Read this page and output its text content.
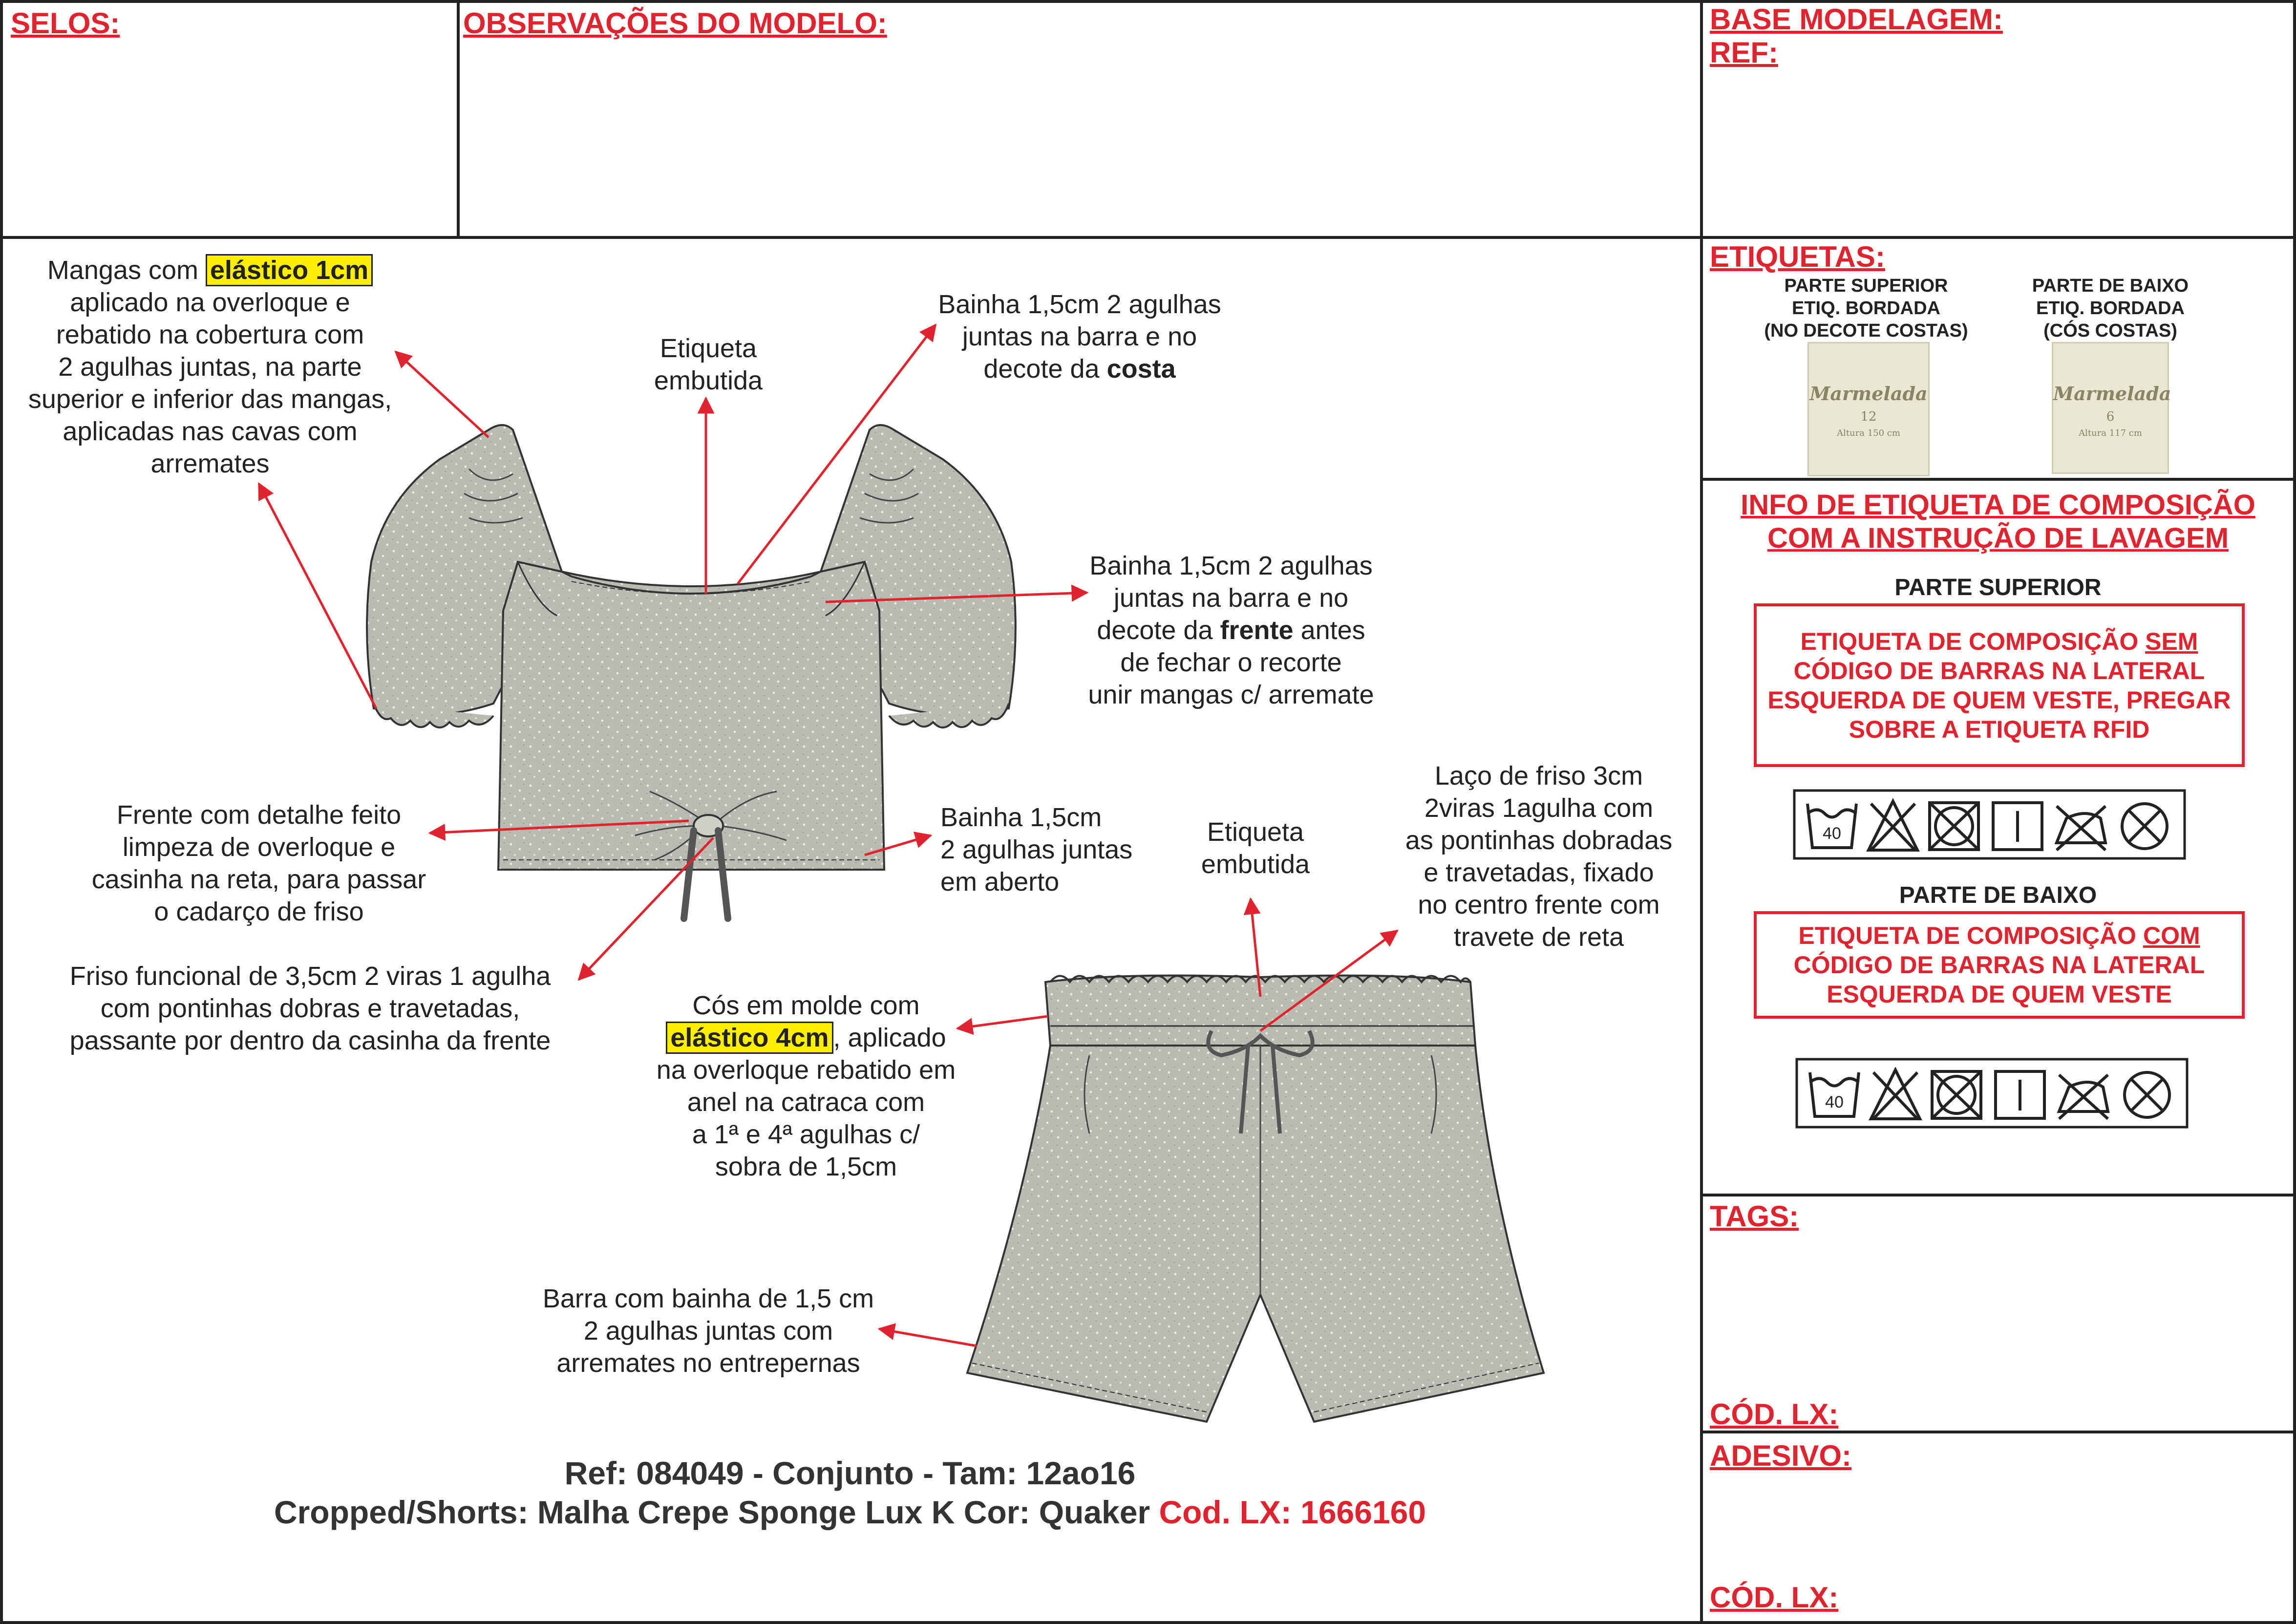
SELOS:	OBSERVAÇÕES DO MODELO:	BASE MODELAGEM:
REF:
ETIQUETAS:
TAGS:
CÓD. LX:
ADESIVO:
CÓD. LX:
PARTE SUPERIOR
ETIQ. BORDADA
(NO DECOTE COSTAS)
Marmelada
12
Altura 150 cm
PARTE DE BAIXO
ETIQ. BORDADA
(CÓS COSTAS)
Marmelada
6
Altura 117 cm
INFO DE ETIQUETA DE COMPOSIÇÃO
COM A INSTRUÇÃO DE LAVAGEM
PARTE SUPERIOR
ETIQUETA DE COMPOSIÇÃO SEM
CÓDIGO DE BARRAS NA LATERAL
ESQUERDA DE QUEM VESTE, PREGAR
SOBRE A ETIQUETA RFID
40
PARTE DE BAIXO
ETIQUETA DE COMPOSIÇÃO COM
CÓDIGO DE BARRAS NA LATERAL
ESQUERDA DE QUEM VESTE
40
Mangas com elástico 1cm
aplicado na overloque e
rebatido na cobertura com
2 agulhas juntas, na parte
superior e inferior das mangas,
aplicadas nas cavas com
arremates
Etiqueta
embutida
Bainha 1,5cm 2 agulhas
juntas na barra e no
decote da costa
Bainha 1,5cm 2 agulhas
juntas na barra e no
decote da frente antes
de fechar o recorte
unir mangas c/ arremate
Frente com detalhe feito
limpeza de overloque e
casinha na reta, para passar
o cadarço de friso
Bainha 1,5cm
2 agulhas juntas
em aberto
Friso funcional de 3,5cm 2 viras 1 agulha
com pontinhas dobras e travetadas,
passante por dentro da casinha da frente
Etiqueta
embutida
Laço de friso 3cm
2viras 1agulha com
as pontinhas dobradas
e travetadas, fixado
no centro frente com
travete de reta
Cós em molde com
elástico 4cm , aplicado
na overloque rebatido em
anel na catraca com
a 1ª e 4ª agulhas c/
sobra de 1,5cm
Barra com bainha de 1,5 cm
2 agulhas juntas com
arremates no entrepernas
Ref: 084049 - Conjunto - Tam: 12ao16
Cropped/Shorts: Malha Crepe Sponge Lux K Cor: Quaker Cod. LX: 1666160
